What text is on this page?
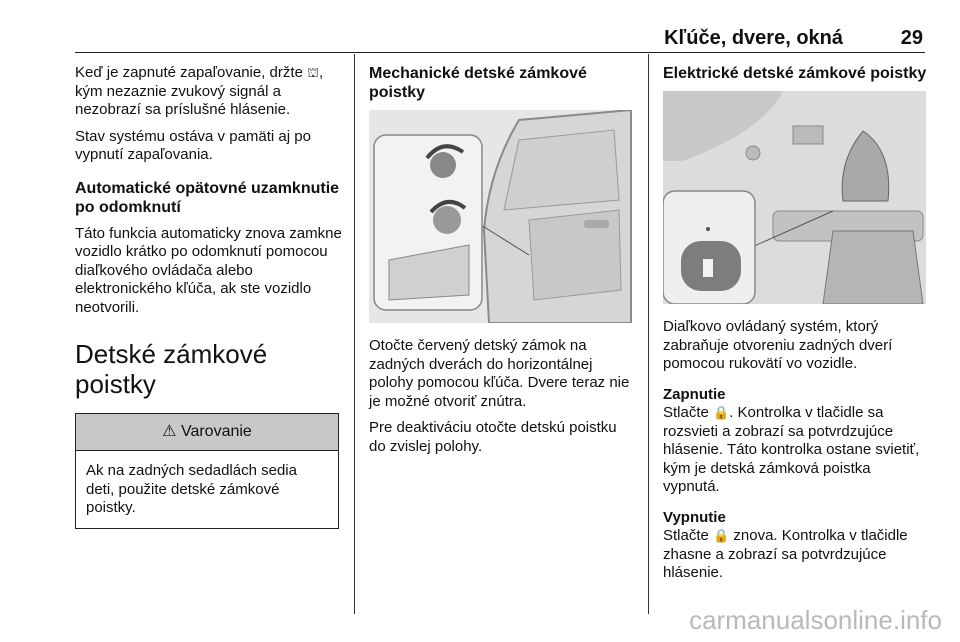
Kľúče, dvere, okná	29

Keď je zapnuté zapaľovanie, držte ⛫, kým nezaznie zvukový signál a nezobrazí sa príslušné hlásenie.

Stav systému ostáva v pamäti aj po vypnutí zapaľovania.

Automatické opätovné uzamknutie po odomknutí

Táto funkcia automaticky znova zamkne vozidlo krátko po odomknutí pomocou diaľkového ovládača alebo elektronického kľúča, ak ste vozidlo neotvorili.

Detské zámkové poistky
⚠ Varovanie
Ak na zadných sedadlách sedia deti, použite detské zámkové poistky.
Mechanické detské zámkové poistky

Otočte červený detský zámok na zadných dverách do horizontálnej polohy pomocou kľúča. Dvere teraz nie je možné otvoriť znútra.

Pre deaktiváciu otočte detskú poistku do zvislej polohy.

Elektrické detské zámkové poistky

Diaľkovo ovládaný systém, ktorý zabraňuje otvoreniu zadných dverí pomocou rukovätí vo vozidle.

Zapnutie

Stlačte 🔒. Kontrolka v tlačidle sa rozsvieti a zobrazí sa potvrdzujúce hlásenie. Táto kontrolka ostane svietiť, kým je detská zámková poistka vypnutá.

Vypnutie

Stlačte 🔒 znova. Kontrolka v tlačidle zhasne a zobrazí sa potvrdzujúce hlásenie.

carmanualsonline.info
